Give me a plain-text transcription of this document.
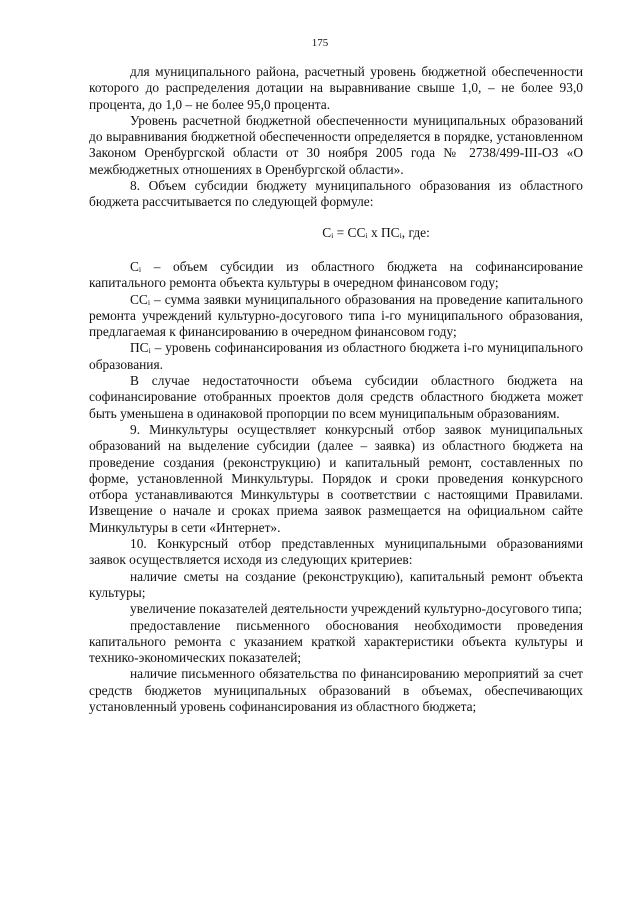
175

для муниципального района, расчетный уровень бюджетной обеспеченности которого до распределения дотации на выравнивание свыше 1,0, – не более 93,0 процента, до 1,0 – не более 95,0 процента.

Уровень расчетной бюджетной обеспеченности муниципальных образований до выравнивания бюджетной обеспеченности определяется в порядке, установленном Законом Оренбургской области от 30 ноября 2005 года № 2738/499-III-ОЗ «О межбюджетных отношениях в Оренбургской области».

8. Объем субсидии бюджету муниципального образования из областного бюджета рассчитывается по следующей формуле:

Cᵢ = CCᵢ x ПCᵢ, где:

Cᵢ – объем субсидии из областного бюджета на софинансирование капитального ремонта объекта культуры в очередном финансовом году;

CCᵢ – сумма заявки муниципального образования на проведение капитального ремонта учреждений культурно-досугового типа i-го муниципального образования, предлагаемая к финансированию в очередном финансовом году;

ПCᵢ – уровень софинансирования из областного бюджета i-го муниципального образования.

В случае недостаточности объема субсидии областного бюджета на софинансирование отобранных проектов доля средств областного бюджета может быть уменьшена в одинаковой пропорции по всем муниципальным образованиям.

9. Минкультуры осуществляет конкурсный отбор заявок муниципальных образований на выделение субсидии (далее – заявка) из областного бюджета на проведение создания (реконструкцию) и капитальный ремонт, составленных по форме, установленной Минкультуры. Порядок и сроки проведения конкурсного отбора устанавливаются Минкультуры в соответствии с настоящими Правилами. Извещение о начале и сроках приема заявок размещается на официальном сайте Минкультуры в сети «Интернет».

10. Конкурсный отбор представленных муниципальными образованиями заявок осуществляется исходя из следующих критериев:

наличие сметы на создание (реконструкцию), капитальный ремонт объекта культуры;

увеличение показателей деятельности учреждений культурно-досугового типа;

предоставление письменного обоснования необходимости проведения капитального ремонта с указанием краткой характеристики объекта культуры и технико-экономических показателей;

наличие письменного обязательства по финансированию мероприятий за счет средств бюджетов муниципальных образований в объемах, обеспечивающих установленный уровень софинансирования из областного бюджета;
